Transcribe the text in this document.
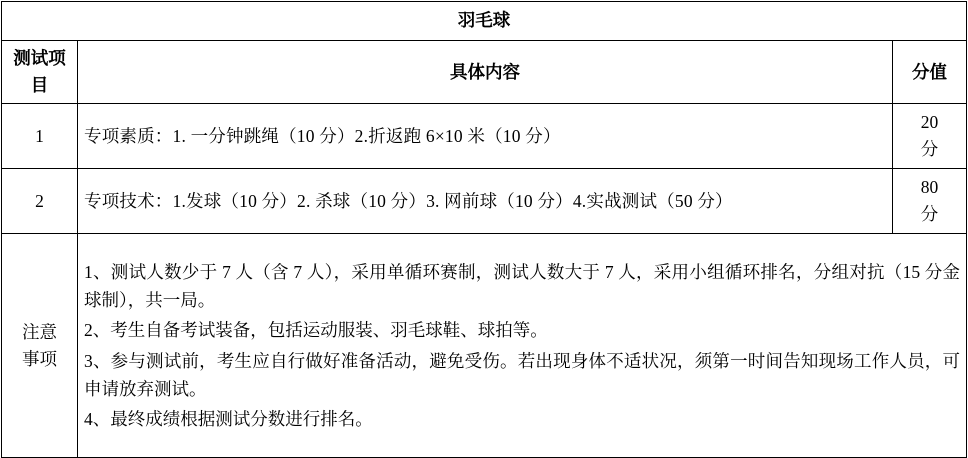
羽毛球		
测试项目	具体内容	分值
1	专项素质：1. 一分钟跳绳（10 分）2.折返跑 6×10 米（10 分）	20
分

2	专项技术：1.发球（10 分）2. 杀球（10 分）3. 网前球（10 分）4.实战测试（50 分）	80
分

注意
事项

1、测试人数少于 7 人（含 7 人），采用单循环赛制，测试人数大于 7 人，采用小组循环排名，分组对抗（15 分金球制），共一局。

2、考生自备考试装备，包括运动服装、羽毛球鞋、球拍等。

3、参与测试前，考生应自行做好准备活动，避免受伤。若出现身体不适状况，须第一时间告知现场工作人员，可申请放弃测试。

4、最终成绩根据测试分数进行排名。
